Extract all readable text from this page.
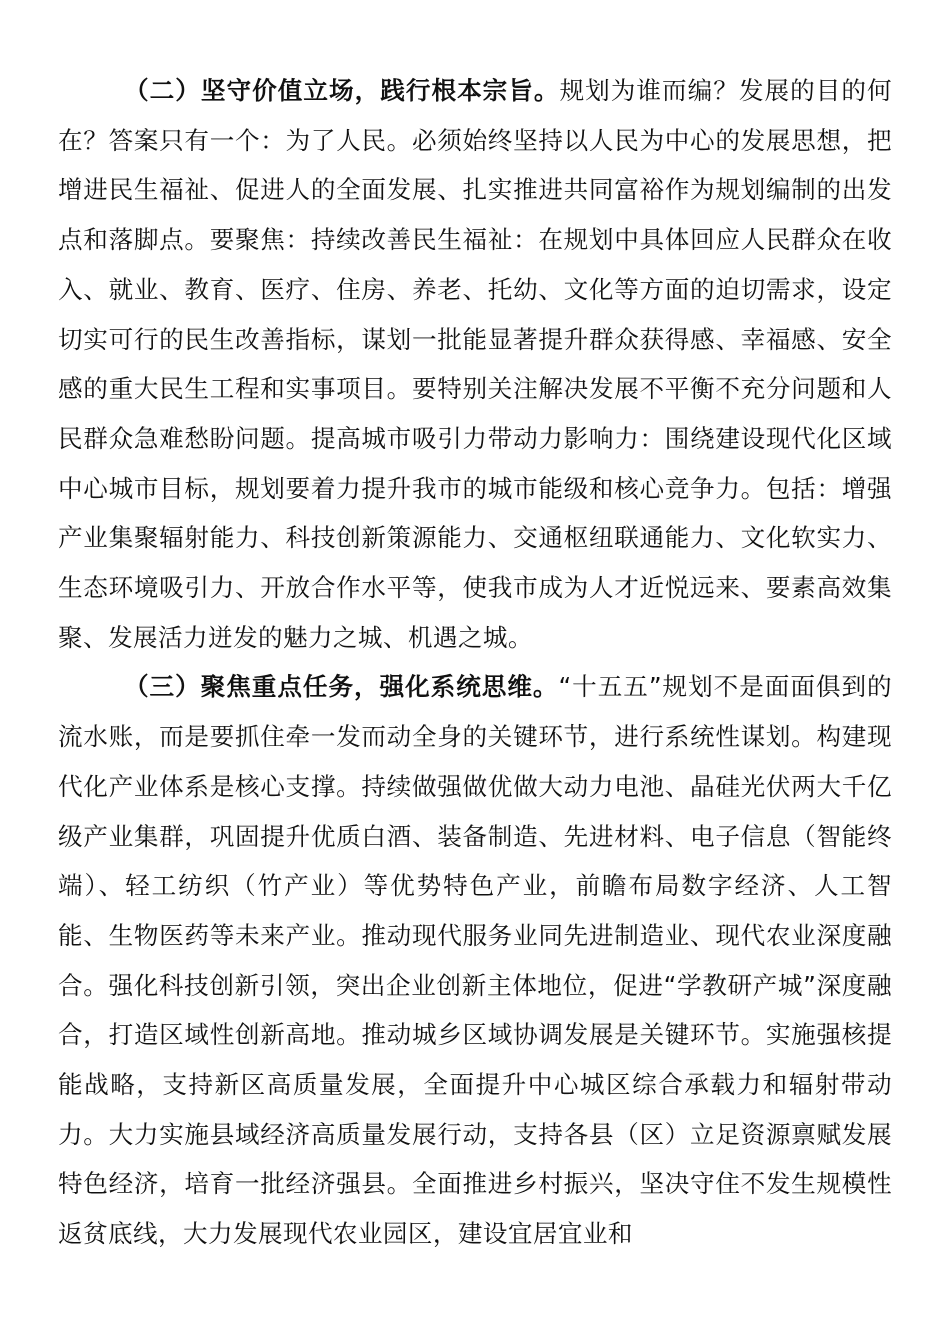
（二）坚守价值立场，践行根本宗旨。规划为谁而编？发展的目的何在？答案只有一个：为了人民。必须始终坚持以人民为中心的发展思想，把增进民生福祉、促进人的全面发展、扎实推进共同富裕作为规划编制的出发点和落脚点。要聚焦：持续改善民生福祉：在规划中具体回应人民群众在收入、就业、教育、医疗、住房、养老、托幼、文化等方面的迫切需求，设定切实可行的民生改善指标，谋划一批能显著提升群众获得感、幸福感、安全感的重大民生工程和实事项目。要特别关注解决发展不平衡不充分问题和人民群众急难愁盼问题。提高城市吸引力带动力影响力：围绕建设现代化区域中心城市目标，规划要着力提升我市的城市能级和核心竞争力。包括：增强产业集聚辐射能力、科技创新策源能力、交通枢纽联通能力、文化软实力、生态环境吸引力、开放合作水平等，使我市成为人才近悦远来、要素高效集聚、发展活力迸发的魅力之城、机遇之城。

（三）聚焦重点任务，强化系统思维。“十五五”规划不是面面俱到的流水账，而是要抓住牵一发而动全身的关键环节，进行系统性谋划。构建现代化产业体系是核心支撑。持续做强做优做大动力电池、晶硅光伏两大千亿级产业集群，巩固提升优质白酒、装备制造、先进材料、电子信息（智能终端）、轻工纺织（竹产业）等优势特色产业，前瞻布局数字经济、人工智能、生物医药等未来产业。推动现代服务业同先进制造业、现代农业深度融合。强化科技创新引领，突出企业创新主体地位，促进“学教研产城”深度融合，打造区域性创新高地。推动城乡区域协调发展是关键环节。实施强核提能战略，支持新区高质量发展，全面提升中心城区综合承载力和辐射带动力。大力实施县域经济高质量发展行动，支持各县（区）立足资源禀赋发展特色经济，培育一批经济强县。全面推进乡村振兴，坚决守住不发生规模性返贫底线，大力发展现代农业园区，建设宜居宜业和
